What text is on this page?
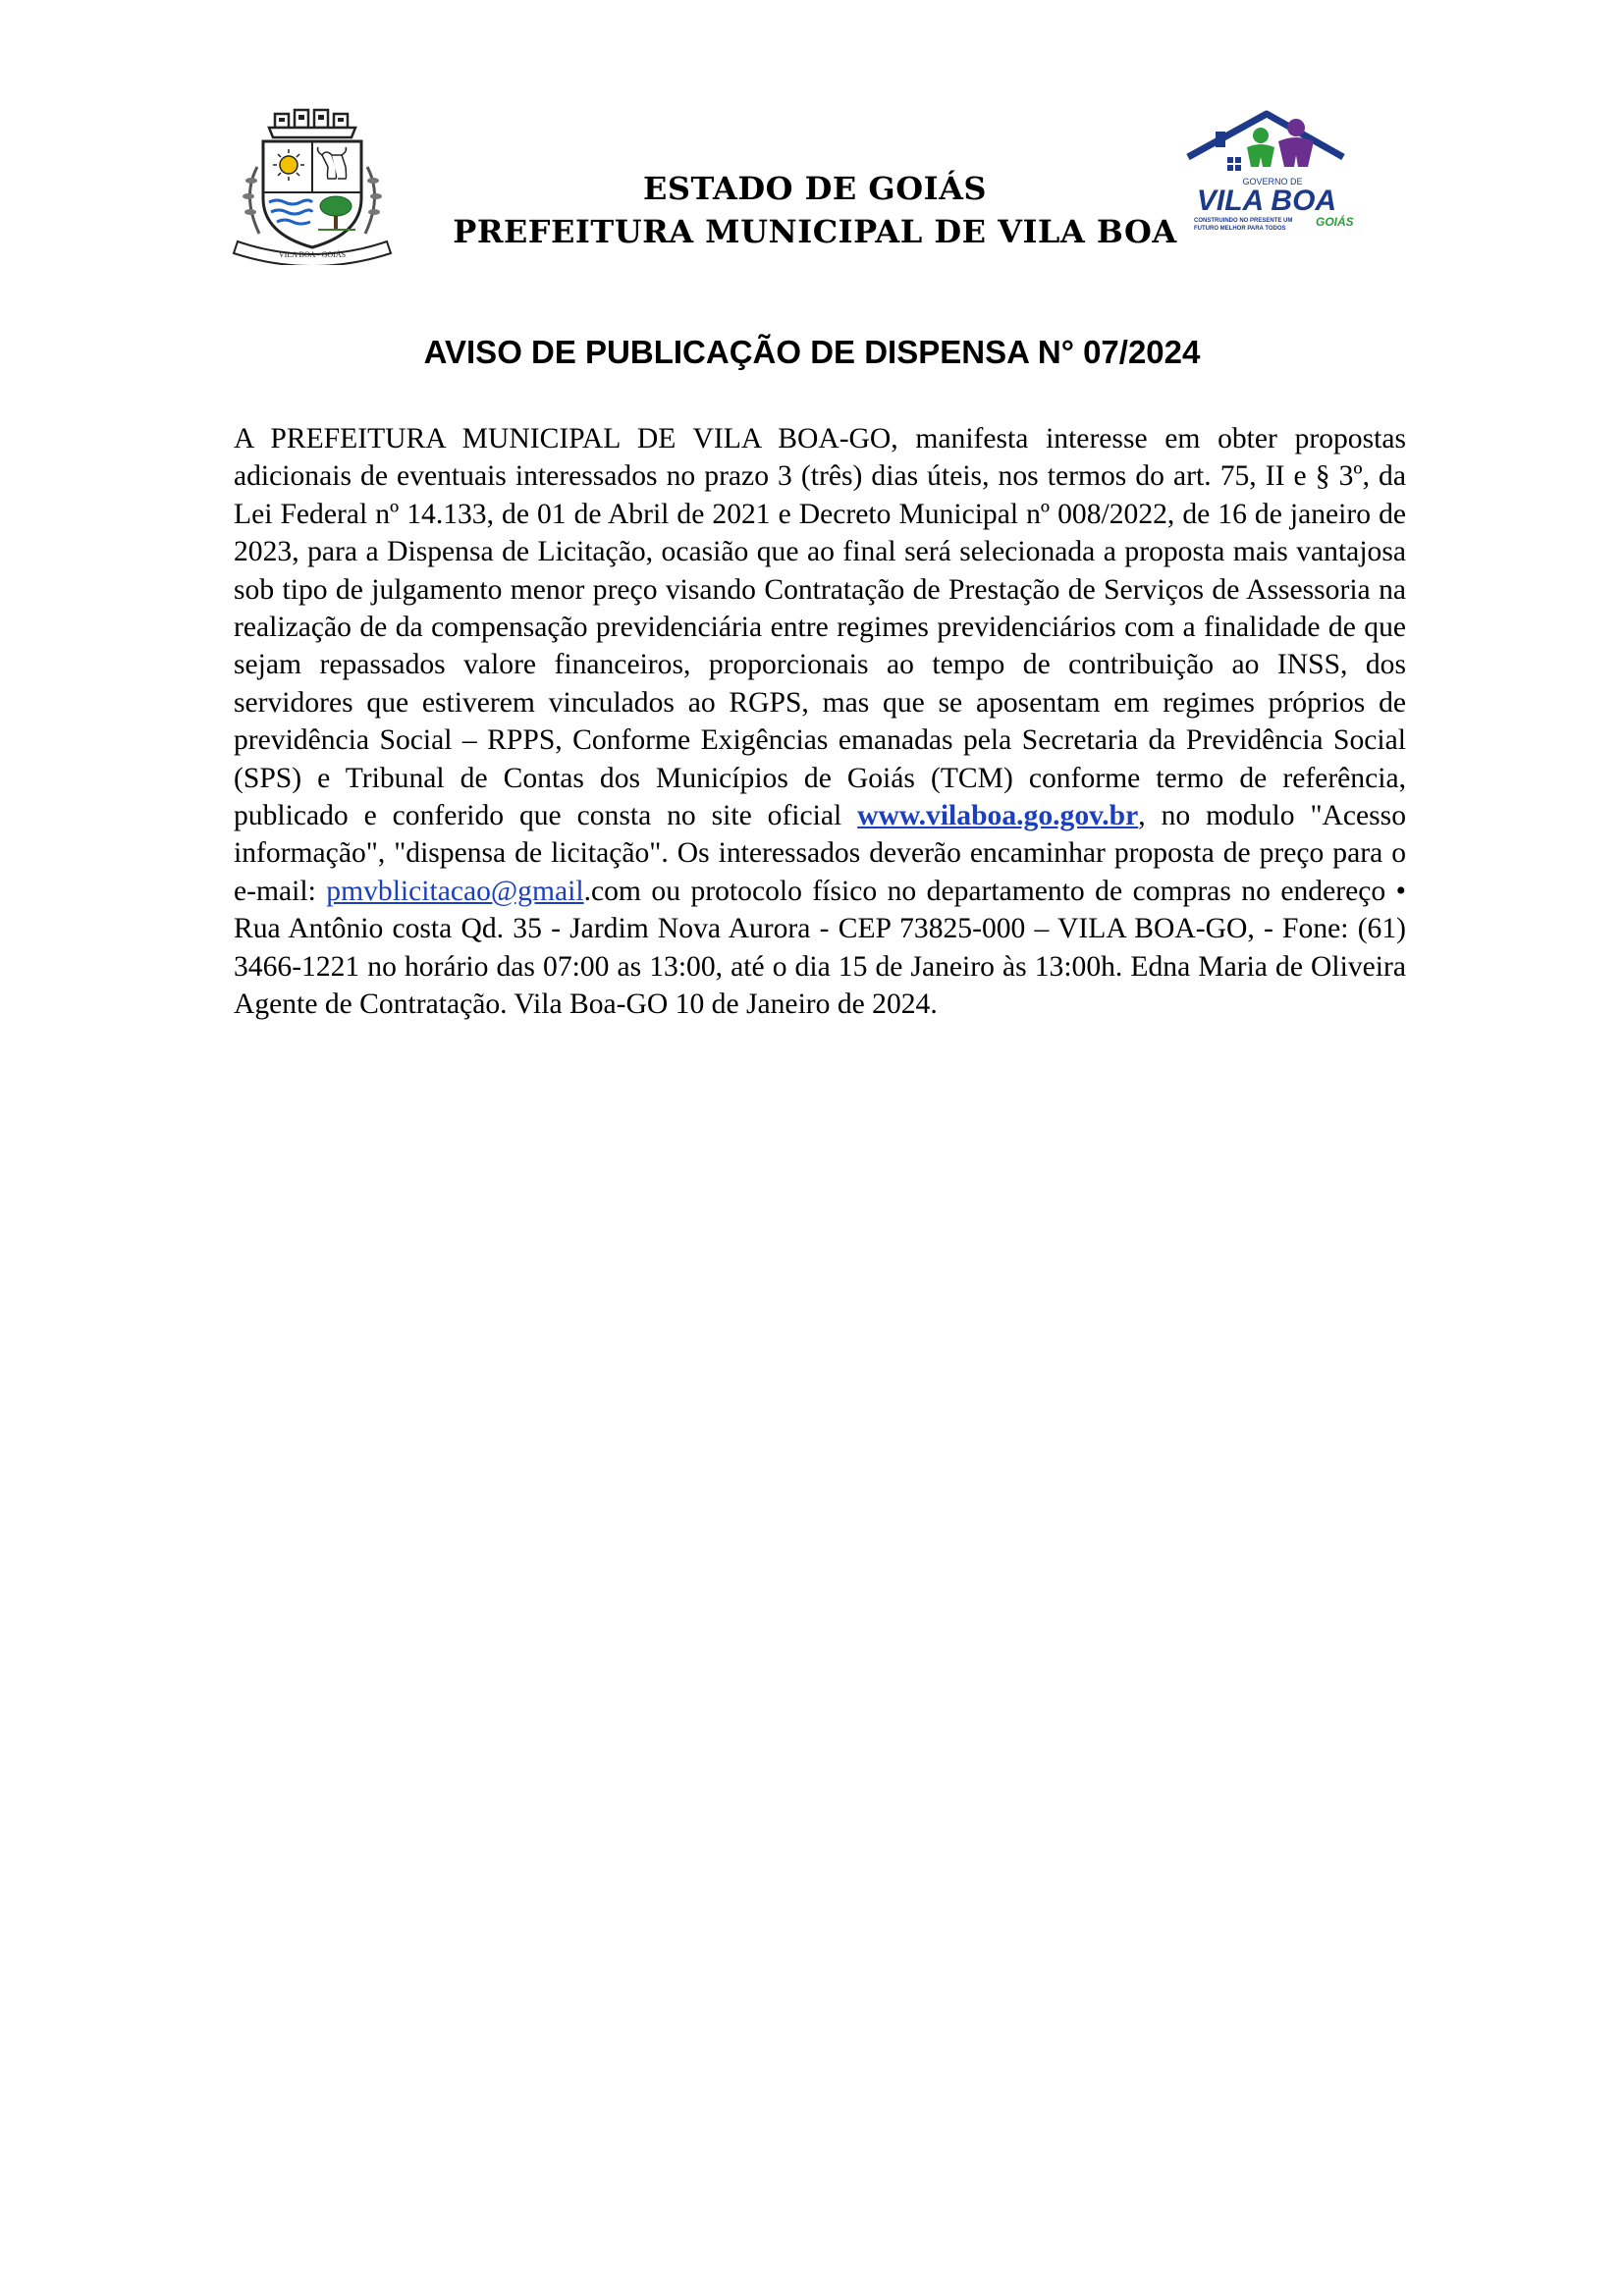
VILA BOA - GOIÁS
ESTADO DE GOIÁS
PREFEITURA MUNICIPAL DE VILA BOA
GOVERNO DE
VILA BOA
CONSTRUINDO NO PRESENTE UM
FUTURO MELHOR PARA TODOS	GOIÁS
AVISO DE PUBLICAÇÃO DE DISPENSA N° 07/2024
A PREFEITURA MUNICIPAL DE VILA BOA-GO, manifesta interesse em obter propostas adicionais de eventuais interessados no prazo 3 (três) dias úteis, nos termos do art. 75, II e § 3º, da Lei Federal nº 14.133, de 01 de Abril de 2021 e Decreto Municipal nº 008/2022, de 16 de janeiro de 2023, para a Dispensa de Licitação, ocasião que ao final será selecionada a proposta mais vantajosa sob tipo de julgamento menor preço visando Contratação de Prestação de Serviços de Assessoria na realização de da compensação previdenciária entre regimes previdenciários com a finalidade de que sejam repassados valore financeiros, proporcionais ao tempo de contribuição ao INSS, dos servidores que estiverem vinculados ao RGPS, mas que se aposentam em regimes próprios de previdência Social – RPPS, Conforme Exigências emanadas pela Secretaria da Previdência Social (SPS) e Tribunal de Contas dos Municípios de Goiás (TCM) conforme termo de referência, publicado e conferido que consta no site oficial www.vilaboa.go.gov.br, no modulo "Acesso informação", "dispensa de licitação". Os interessados deverão encaminhar proposta de preço para o e-mail: pmvblicitacao@gmail.com ou protocolo físico no departamento de compras no endereço • Rua Antônio costa Qd. 35 - Jardim Nova Aurora - CEP 73825-000 – VILA BOA-GO, - Fone: (61) 3466-1221 no horário das 07:00 as 13:00, até o dia 15 de Janeiro às 13:00h. Edna Maria de Oliveira Agente de Contratação. Vila Boa-GO 10 de Janeiro de 2024.
